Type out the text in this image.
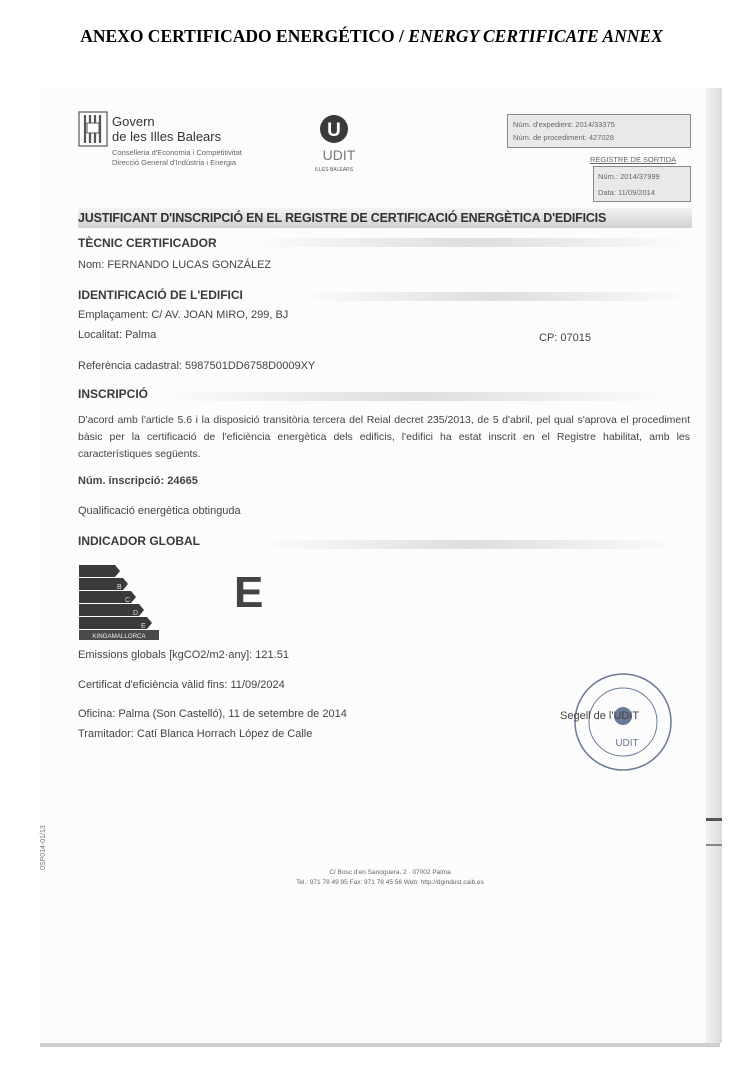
ANEXO CERTIFICADO ENERGÉTICO / ENERGY CERTIFICATE ANNEX
Govern
de les Illes Balears
Conselleria d'Economia i Competitivitat
Direcció General d'Indústria i Energia
U
UDIT
ILLES BALEARS
Núm. d'expedient: 2014/33375
Núm. de procediment: 427028
REGISTRE DE SORTIDA
Núm.: 2014/37999
Data: 11/09/2014
JUSTIFICANT D'INSCRIPCIÓ EN EL REGISTRE DE CERTIFICACIÓ ENERGÈTICA D'EDIFICIS
TÈCNIC CERTIFICADOR
Nom: FERNANDO LUCAS GONZÁLEZ
IDENTIFICACIÓ DE L'EDIFICI
Emplaçament: C/ AV. JOAN MIRO, 299, BJ
Localitat: Palma	CP: 07015
Referència cadastral: 5987501DD6758D0009XY
INSCRIPCIÓ
D'acord amb l'article 5.6 i la disposició transitòria tercera del Reial decret 235/2013, de 5 d'abril, pel qual s'aprova el procediment bàsic per la certificació de l'eficiència energètica dels edificis, l'edifici ha estat inscrit en el Registre habilitat, amb les característiques següents.
Núm. inscripció: 24665
Qualificació energètica obtinguda
INDICADOR GLOBAL
B
C
D
E
KINGAMALLORCA
E
Emissions globals [kgCO2/m2·any]: 121.51
Certificat d'eficiència vàlid fins: 11/09/2024
Oficina: Palma (Son Castelló), 11 de setembre de 2014
Tramitador: Catí Blanca Horrach López de Calle
UDIT
Segell de l'UDIT
C/ Bosc d'en Sanoguera, 2 · 07002 Palma
Tel.: 971 78 49 95 Fax: 971 78 45 56 Web: http://dgindust.caib.es
0SP014-01/13
